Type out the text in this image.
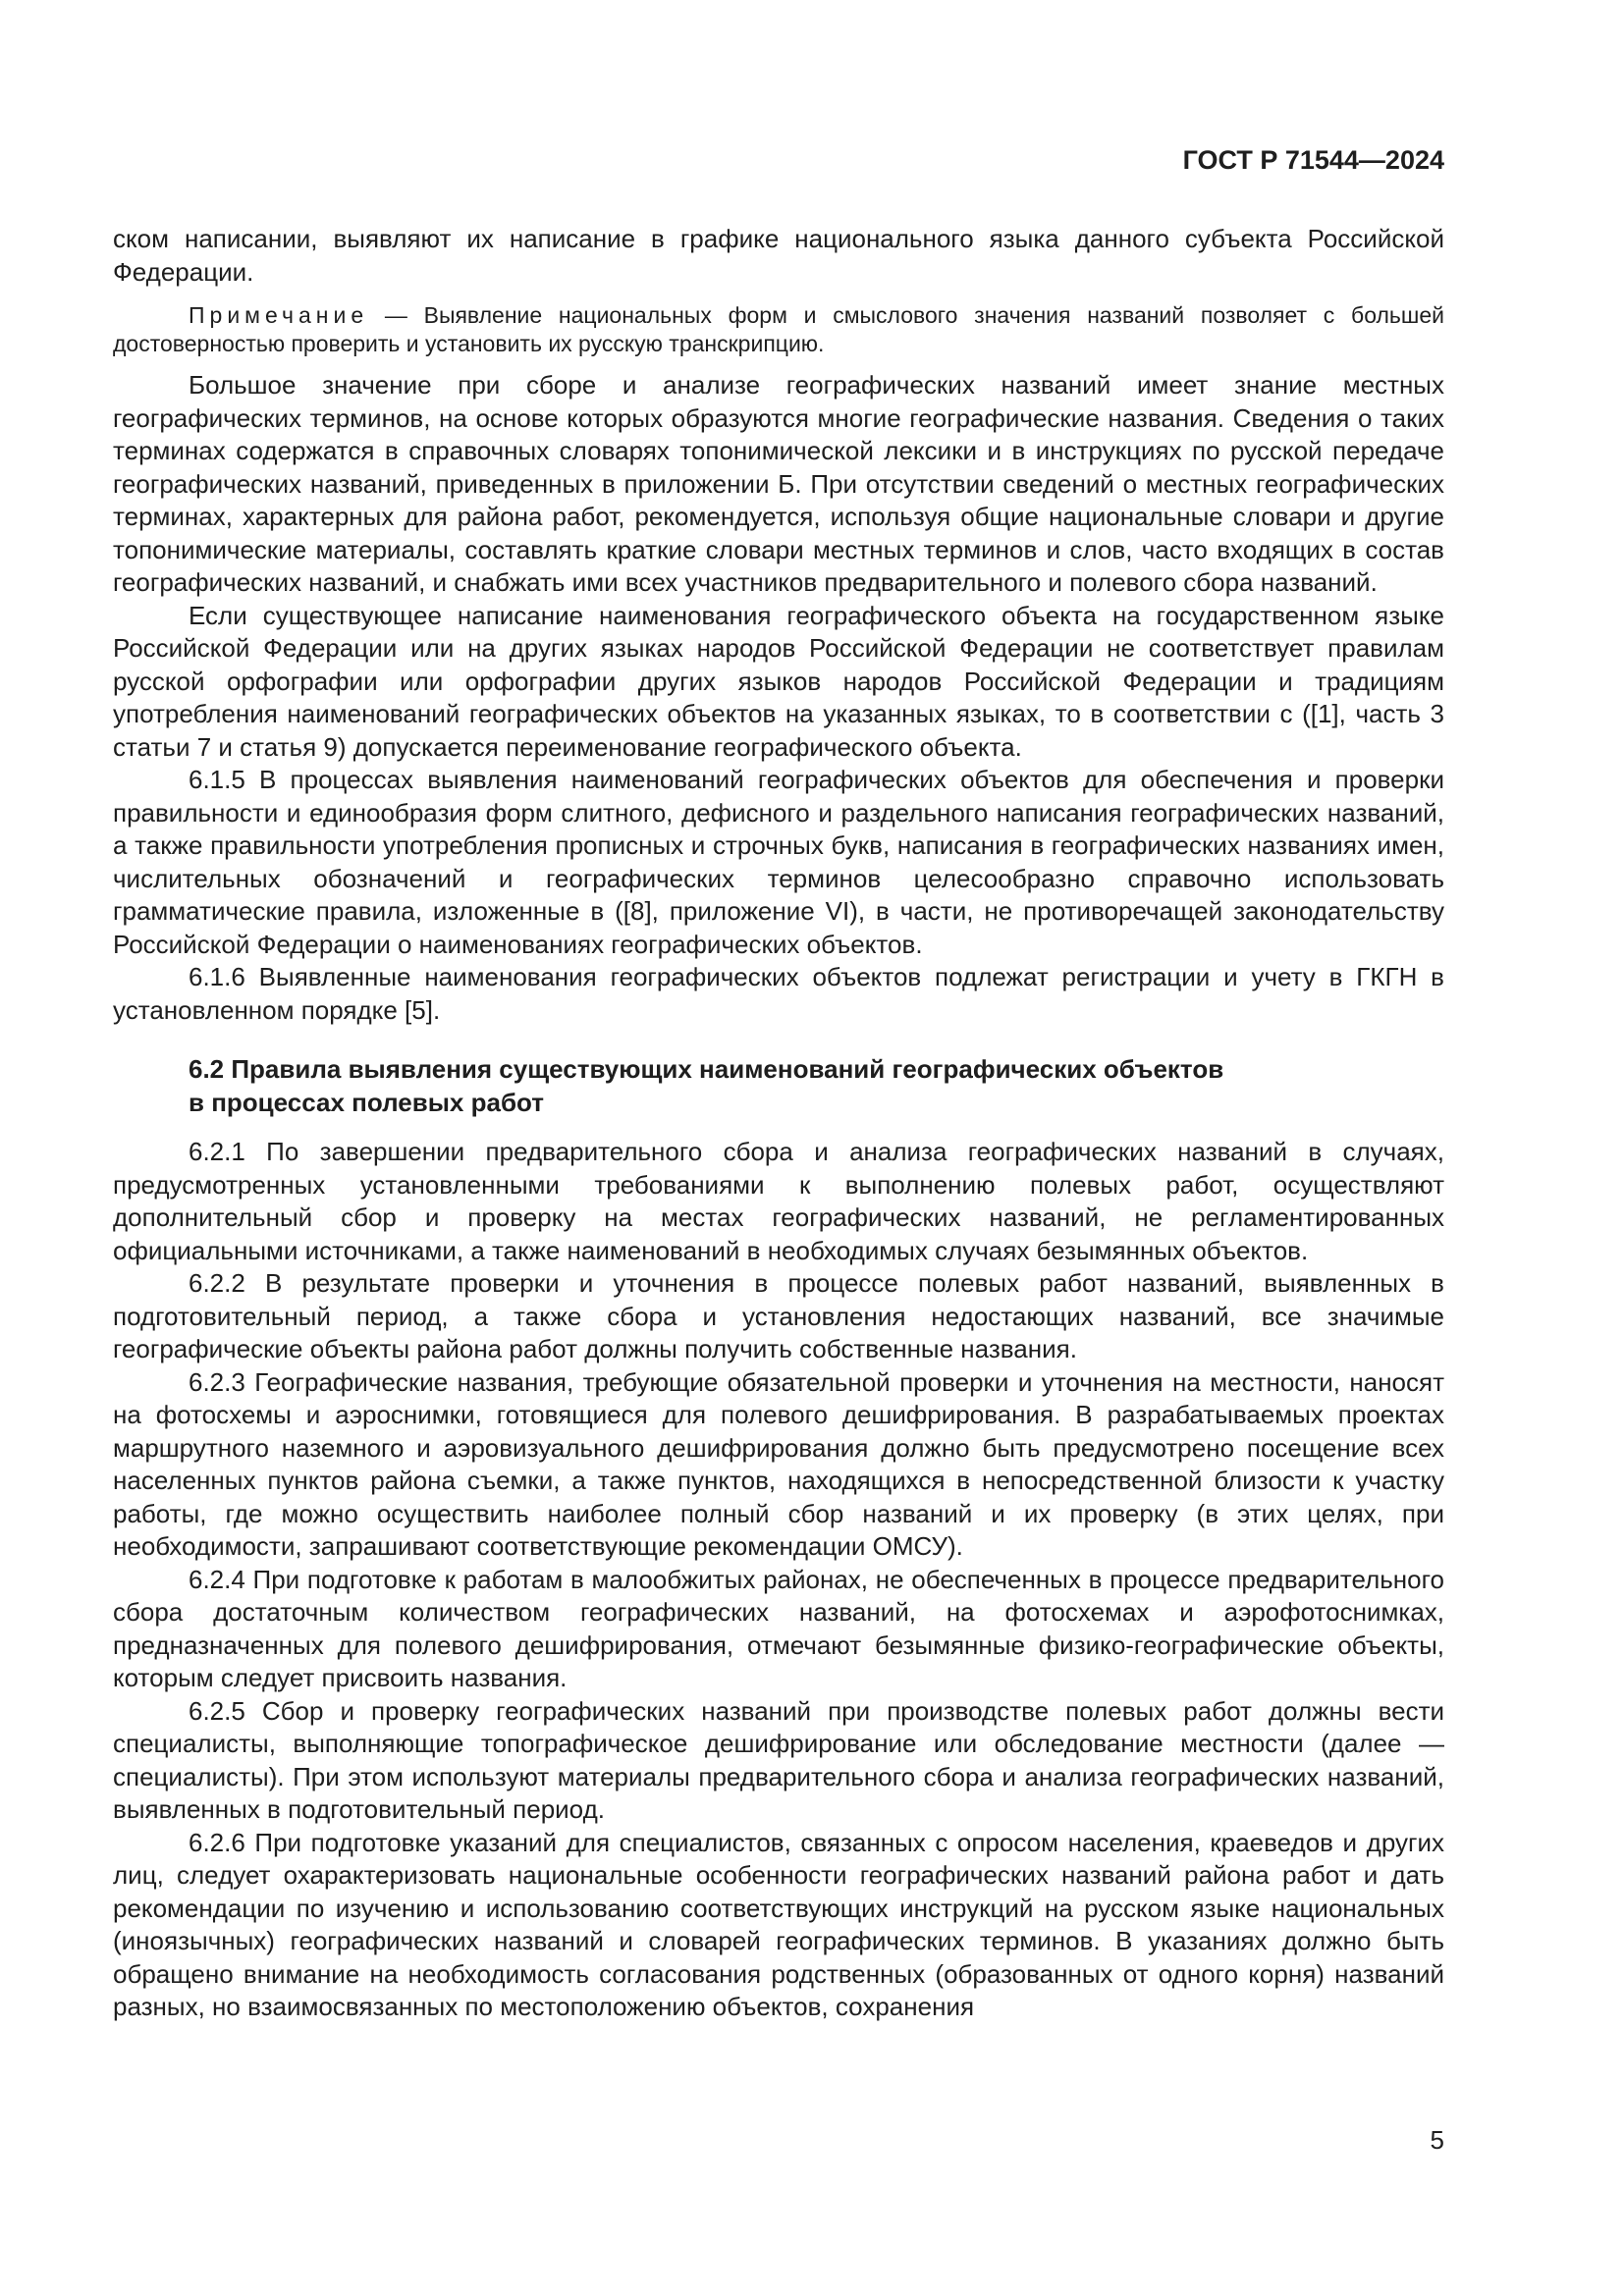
ГОСТ Р 71544—2024

ском написании, выявляют их написание в графике национального языка данного субъекта Российской Федерации.

Примечание — Выявление национальных форм и смыслового значения названий позволяет с большей достоверностью проверить и установить их русскую транскрипцию.

Большое значение при сборе и анализе географических названий имеет знание местных географических терминов, на основе которых образуются многие географические названия. Сведения о таких терминах содержатся в справочных словарях топонимической лексики и в инструкциях по русской передаче географических названий, приведенных в приложении Б. При отсутствии сведений о местных географических терминах, характерных для района работ, рекомендуется, используя общие национальные словари и другие топонимические материалы, составлять краткие словари местных терминов и слов, часто входящих в состав географических названий, и снабжать ими всех участников предварительного и полевого сбора названий.

Если существующее написание наименования географического объекта на государственном языке Российской Федерации или на других языках народов Российской Федерации не соответствует правилам русской орфографии или орфографии других языков народов Российской Федерации и традициям употребления наименований географических объектов на указанных языках, то в соответствии с ([1], часть 3 статьи 7 и статья 9) допускается переименование географического объекта.

6.1.5 В процессах выявления наименований географических объектов для обеспечения и проверки правильности и единообразия форм слитного, дефисного и раздельного написания географических названий, а также правильности употребления прописных и строчных букв, написания в географических названиях имен, числительных обозначений и географических терминов целесообразно справочно использовать грамматические правила, изложенные в ([8], приложение VI), в части, не противоречащей законодательству Российской Федерации о наименованиях географических объектов.

6.1.6 Выявленные наименования географических объектов подлежат регистрации и учету в ГКГН в установленном порядке [5].

6.2 Правила выявления существующих наименований географических объектов
в процессах полевых работ

6.2.1 По завершении предварительного сбора и анализа географических названий в случаях, предусмотренных установленными требованиями к выполнению полевых работ, осуществляют дополнительный сбор и проверку на местах географических названий, не регламентированных официальными источниками, а также наименований в необходимых случаях безымянных объектов.

6.2.2 В результате проверки и уточнения в процессе полевых работ названий, выявленных в подготовительный период, а также сбора и установления недостающих названий, все значимые географические объекты района работ должны получить собственные названия.

6.2.3 Географические названия, требующие обязательной проверки и уточнения на местности, наносят на фотосхемы и аэроснимки, готовящиеся для полевого дешифрирования. В разрабатываемых проектах маршрутного наземного и аэровизуального дешифрирования должно быть предусмотрено посещение всех населенных пунктов района съемки, а также пунктов, находящихся в непосредственной близости к участку работы, где можно осуществить наиболее полный сбор названий и их проверку (в этих целях, при необходимости, запрашивают соответствующие рекомендации ОМСУ).

6.2.4 При подготовке к работам в малообжитых районах, не обеспеченных в процессе предварительного сбора достаточным количеством географических названий, на фотосхемах и аэрофотоснимках, предназначенных для полевого дешифрирования, отмечают безымянные физико-географические объекты, которым следует присвоить названия.

6.2.5 Сбор и проверку географических названий при производстве полевых работ должны вести специалисты, выполняющие топографическое дешифрирование или обследование местности (далее — специалисты). При этом используют материалы предварительного сбора и анализа географических названий, выявленных в подготовительный период.

6.2.6 При подготовке указаний для специалистов, связанных с опросом населения, краеведов и других лиц, следует охарактеризовать национальные особенности географических названий района работ и дать рекомендации по изучению и использованию соответствующих инструкций на русском языке национальных (иноязычных) географических названий и словарей географических терминов. В указаниях должно быть обращено внимание на необходимость согласования родственных (образованных от одного корня) названий разных, но взаимосвязанных по местоположению объектов, сохранения

5
